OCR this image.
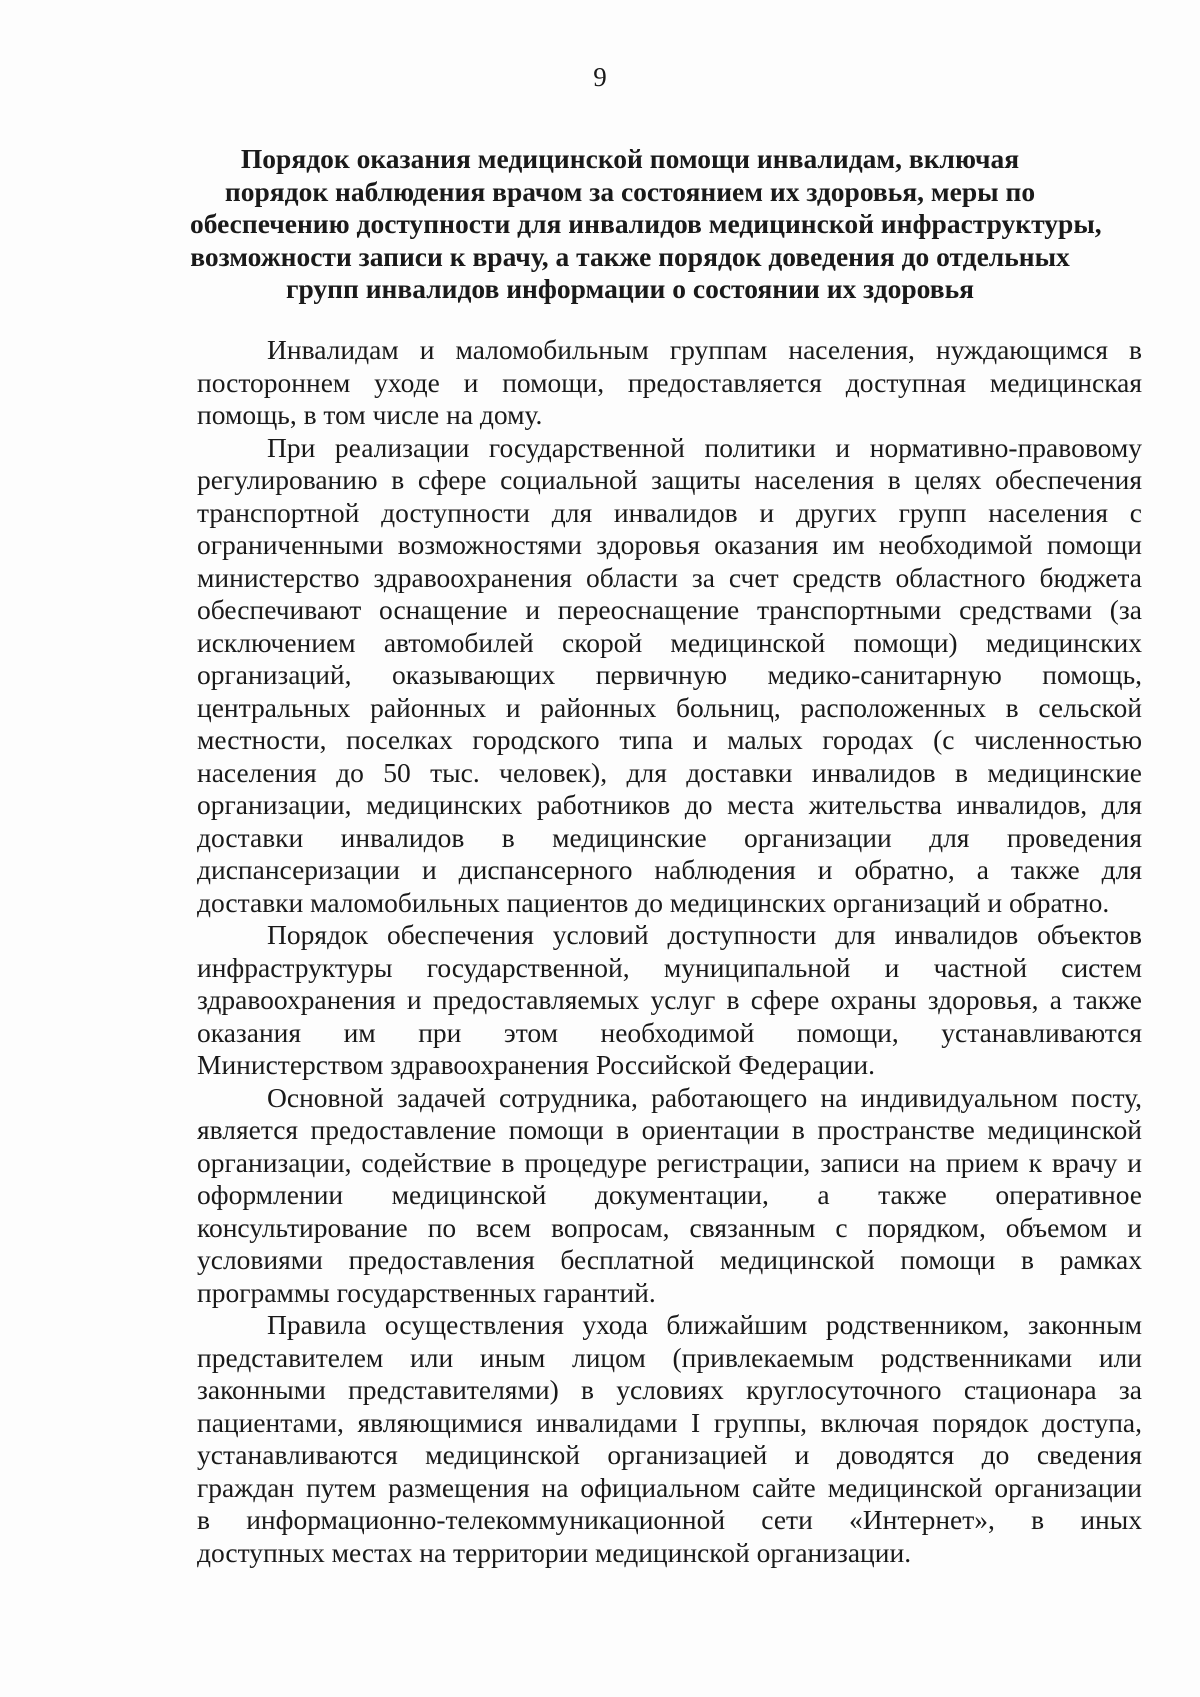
9
Порядок оказания медицинской помощи инвалидам, включая
порядок наблюдения врачом за состоянием их здоровья, меры по
обеспечению доступности для инвалидов медицинской инфраструктуры,
возможности записи к врачу, а также порядок доведения до отдельных
групп инвалидов информации о состоянии их здоровья
Инвалидам и маломобильным группам населения, нуждающимся в
постороннем уходе и помощи, предоставляется доступная медицинская
помощь, в том числе на дому.
При реализации государственной политики и нормативно-правовому
регулированию в сфере социальной защиты населения в целях обеспечения
транспортной доступности для инвалидов и других групп населения с
ограниченными возможностями здоровья оказания им необходимой помощи
министерство здравоохранения области за счет средств областного бюджета
обеспечивают оснащение и переоснащение транспортными средствами (за
исключением автомобилей скорой медицинской помощи) медицинских
организаций, оказывающих первичную медико-санитарную помощь,
центральных районных и районных больниц, расположенных в сельской
местности, поселках городского типа и малых городах (с численностью
населения до 50 тыс. человек), для доставки инвалидов в медицинские
организации, медицинских работников до места жительства инвалидов, для
доставки инвалидов в медицинские организации для проведения
диспансеризации и диспансерного наблюдения и обратно, а также для
доставки маломобильных пациентов до медицинских организаций и обратно.
Порядок обеспечения условий доступности для инвалидов объектов
инфраструктуры государственной, муниципальной и частной систем
здравоохранения и предоставляемых услуг в сфере охраны здоровья, а также
оказания им при этом необходимой помощи, устанавливаются
Министерством здравоохранения Российской Федерации.
Основной задачей сотрудника, работающего на индивидуальном посту,
является предоставление помощи в ориентации в пространстве медицинской
организации, содействие в процедуре регистрации, записи на прием к врачу и
оформлении медицинской документации, а также оперативное
консультирование по всем вопросам, связанным с порядком, объемом и
условиями предоставления бесплатной медицинской помощи в рамках
программы государственных гарантий.
Правила осуществления ухода ближайшим родственником, законным
представителем или иным лицом (привлекаемым родственниками или
законными представителями) в условиях круглосуточного стационара за
пациентами, являющимися инвалидами I группы, включая порядок доступа,
устанавливаются медицинской организацией и доводятся до сведения
граждан путем размещения на официальном сайте медицинской организации
в информационно-телекоммуникационной сети «Интернет», в иных
доступных местах на территории медицинской организации.
